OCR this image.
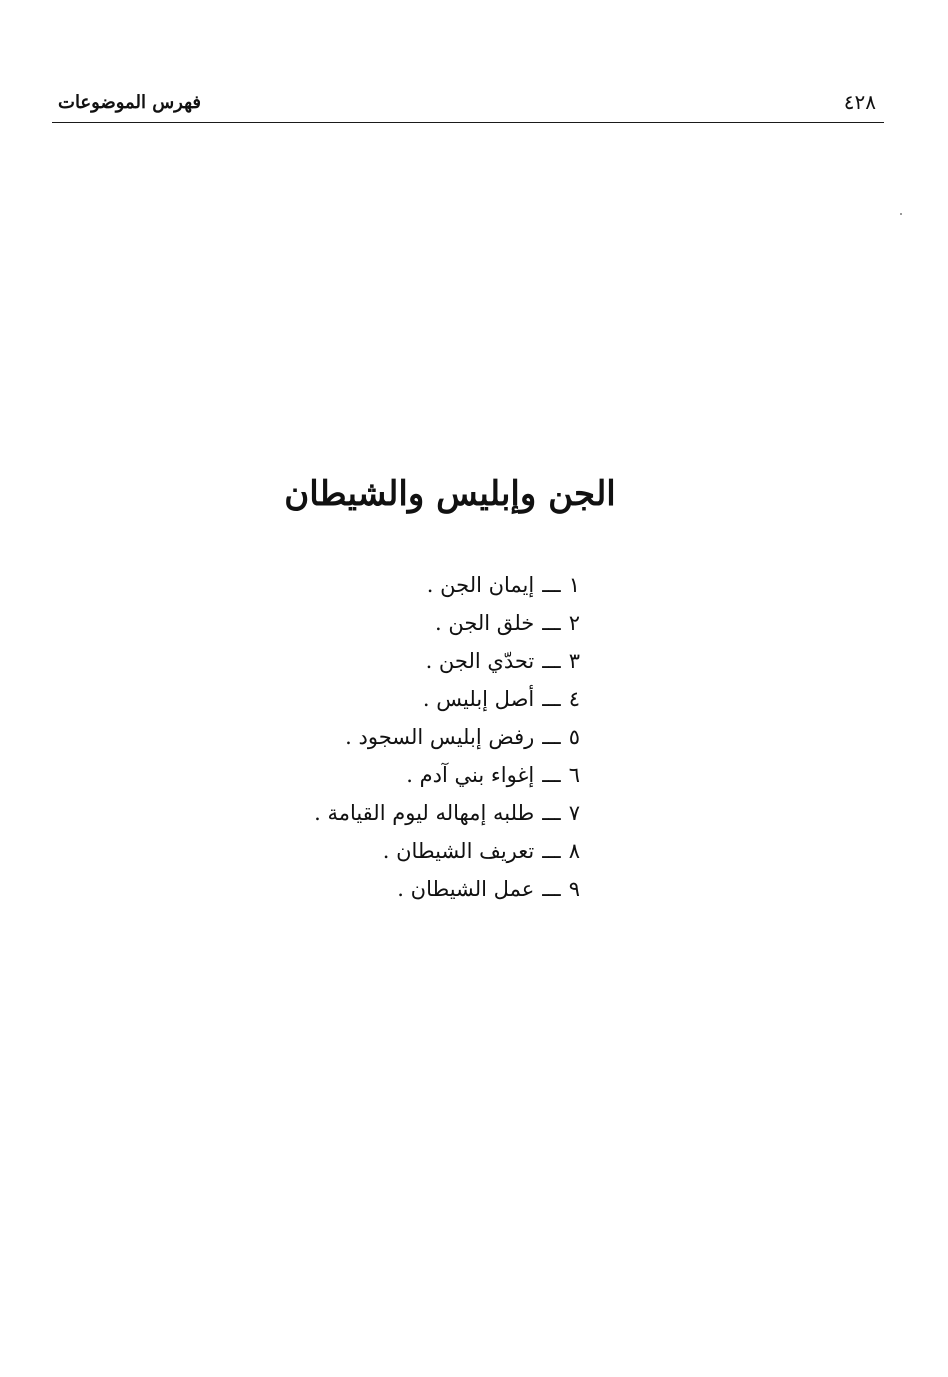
٤٢٨
فهرس الموضوعات
الجن وإبليس والشيطان
١ـــإيمان الجن .
٢ـــخلق الجن .
٣ـــتحدّي الجن .
٤ـــأصل إبليس .
٥ـــرفض إبليس السجود .
٦ـــإغواء بني آدم .
٧ـــطلبه إمهاله ليوم القيامة .
٨ـــتعريف الشيطان .
٩ـــعمل الشيطان .
